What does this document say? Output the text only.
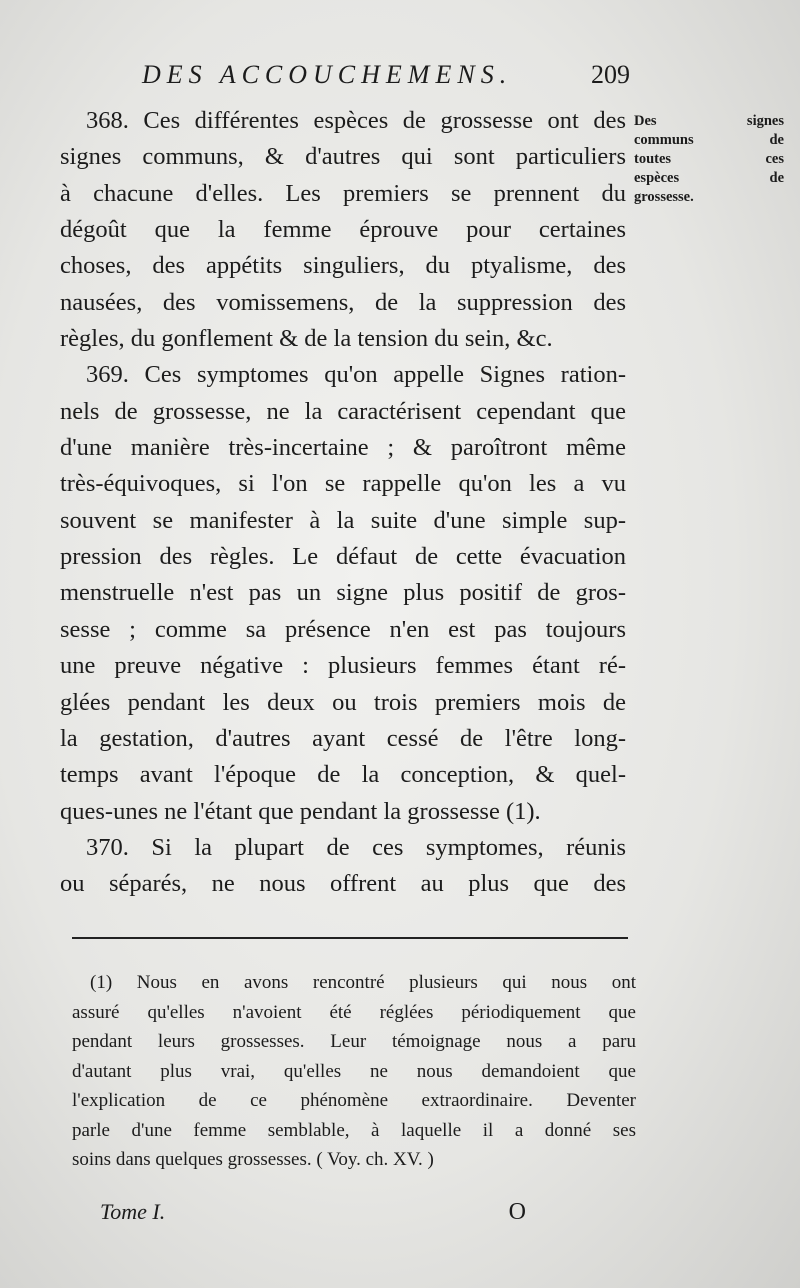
DES ACCOUCHEMENS.	209
Des signes
communs de
toutes ces
espèces de
grossesse.
368. Ces différentes espèces de grossesse ont des
signes communs, & d'autres qui sont particuliers
à chacune d'elles. Les premiers se prennent du
dégoût que la femme éprouve pour certaines
choses, des appétits singuliers, du ptyalisme, des
nausées, des vomissemens, de la suppression des
règles, du gonflement & de la tension du sein, &c.
369. Ces symptomes qu'on appelle Signes ration-
nels de grossesse, ne la caractérisent cependant que
d'une manière très-incertaine ; & paroîtront même
très-équivoques, si l'on se rappelle qu'on les a vu
souvent se manifester à la suite d'une simple sup-
pression des règles. Le défaut de cette évacuation
menstruelle n'est pas un signe plus positif de gros-
sesse ; comme sa présence n'en est pas toujours
une preuve négative : plusieurs femmes étant ré-
glées pendant les deux ou trois premiers mois de
la gestation, d'autres ayant cessé de l'être long-
temps avant l'époque de la conception, & quel-
ques-unes ne l'étant que pendant la grossesse (1).
370. Si la plupart de ces symptomes, réunis
ou séparés, ne nous offrent au plus que des
(1) Nous en avons rencontré plusieurs qui nous ont
assuré qu'elles n'avoient été réglées périodiquement que
pendant leurs grossesses. Leur témoignage nous a paru
d'autant plus vrai, qu'elles ne nous demandoient que
l'explication de ce phénomène extraordinaire. Deventer
parle d'une femme semblable, à laquelle il a donné ses
soins dans quelques grossesses. ( Voy. ch. XV. )
Tome I.	O
